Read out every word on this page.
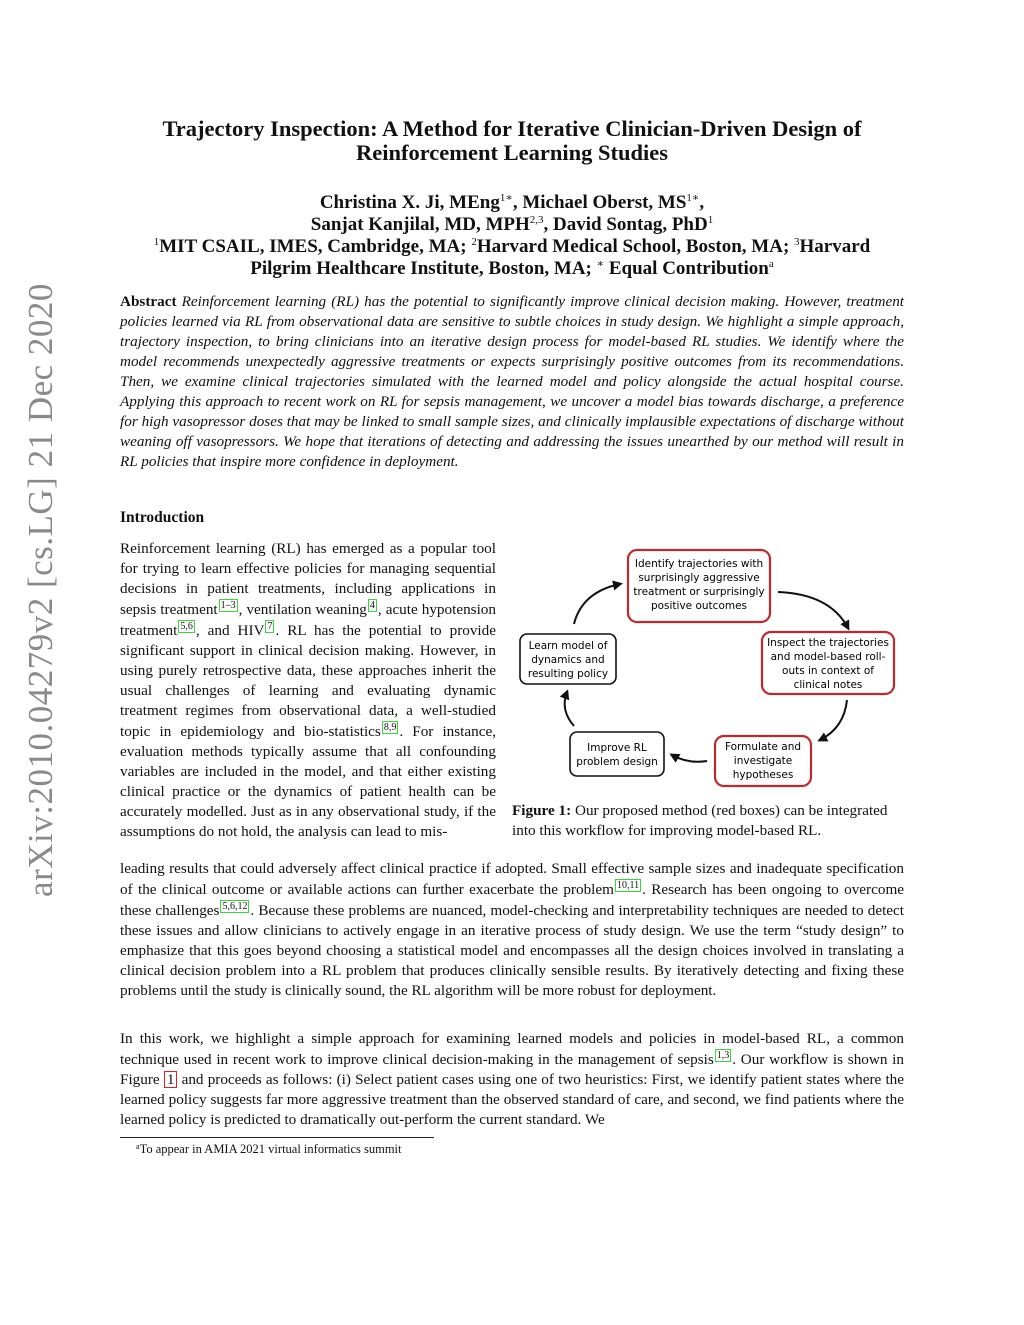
arXiv:2010.04279v2 [cs.LG] 21 Dec 2020
Trajectory Inspection: A Method for Iterative Clinician-Driven Design of
Reinforcement Learning Studies
Christina X. Ji, MEng$^{1∗}$, Michael Oberst, $MS^{1∗}$,
Sanjat Kanjilal, MD, MPH$^{2,3}$, David Sontag, PhD$^1$
$^1$MIT CSAIL, IMES, Cambridge, MA; $^2$Harvard Medical School, Boston, MA; $^3$Harvard
Pilgrim Healthcare Institute, Boston, MA; ∗ Equal Contribution$^a$
Abstract Reinforcement learning (RL) has the potential to significantly improve clinical decision making. However, treatment policies learned via RL from observational data are sensitive to subtle choices in study design. We highlight a simple approach, trajectory inspection, to bring clinicians into an iterative design process for model-based RL studies. We identify where the model recommends unexpectedly aggressive treatments or expects surprisingly positive outcomes from its recommendations. Then, we examine clinical trajectories simulated with the learned model and policy alongside the actual hospital course. Applying this approach to recent work on RL for sepsis management, we uncover a model bias towards discharge, a preference for high vasopressor doses that may be linked to small sample sizes, and clinically implausible expectations of discharge without weaning off vasopressors. We hope that iterations of detecting and addressing the issues unearthed by our method will result in RL policies that inspire more confidence in deployment.
Introduction

Reinforcement learning (RL) has emerged as a popular tool for trying to learn effective policies for managing sequential decisions in patient treatments, including applications in sepsis treatment 1–3 , ventilation weaning 4 , acute hypotension treatment 5,6 , and HIV 7 . RL has the potential to provide significant support in clinical decision making. However, in using purely retrospective data, these approaches inherit the usual challenges of learning and evaluating dynamic treatment regimes from observational data, a well-studied topic in epidemiology and bio-statistics 8,9 . For instance, evaluation methods typically assume that all confounding variables are included in the model, and that either existing clinical practice or the dynamics of patient health can be accurately modelled. Just as in any observational study, if the assumptions do not hold, the analysis can lead to mis-

Identify trajectories with
surprisingly aggressive
treatment or surprisingly
positive outcomes
Inspect the trajectories
and model-based roll-
outs in context of
clinical notes
Formulate and
investigate
hypotheses
Improve RL
problem design
Learn model of
dynamics and
resulting policy
Figure 1: Our proposed method (red boxes) can be integrated into this workflow for improving model-based RL.

leading results that could adversely affect clinical practice if adopted. Small effective sample sizes and inadequate specification of the clinical outcome or available actions can further exacerbate the problem 10,11 . Research has been ongoing to overcome these challenges 5,6,12 . Because these problems are nuanced, model-checking and interpretability techniques are needed to detect these issues and allow clinicians to actively engage in an iterative process of study design. We use the term “study design” to emphasize that this goes beyond choosing a statistical model and encompasses all the design choices involved in translating a clinical decision problem into a RL problem that produces clinically sensible results. By iteratively detecting and fixing these problems until the study is clinically sound, the RL algorithm will be more robust for deployment.

In this work, we highlight a simple approach for examining learned models and policies in model-based RL, a common technique used in recent work to improve clinical decision-making in the management of sepsis 1,3 . Our workflow is shown in Figure 1 and proceeds as follows: (i) Select patient cases using one of two heuristics: First, we identify patient states where the learned policy suggests far more aggressive treatment than the observed standard of care, and second, we find patients where the learned policy is predicted to dramatically out-perform the current standard. We

$^a$To appear in AMIA 2021 virtual informatics summit
